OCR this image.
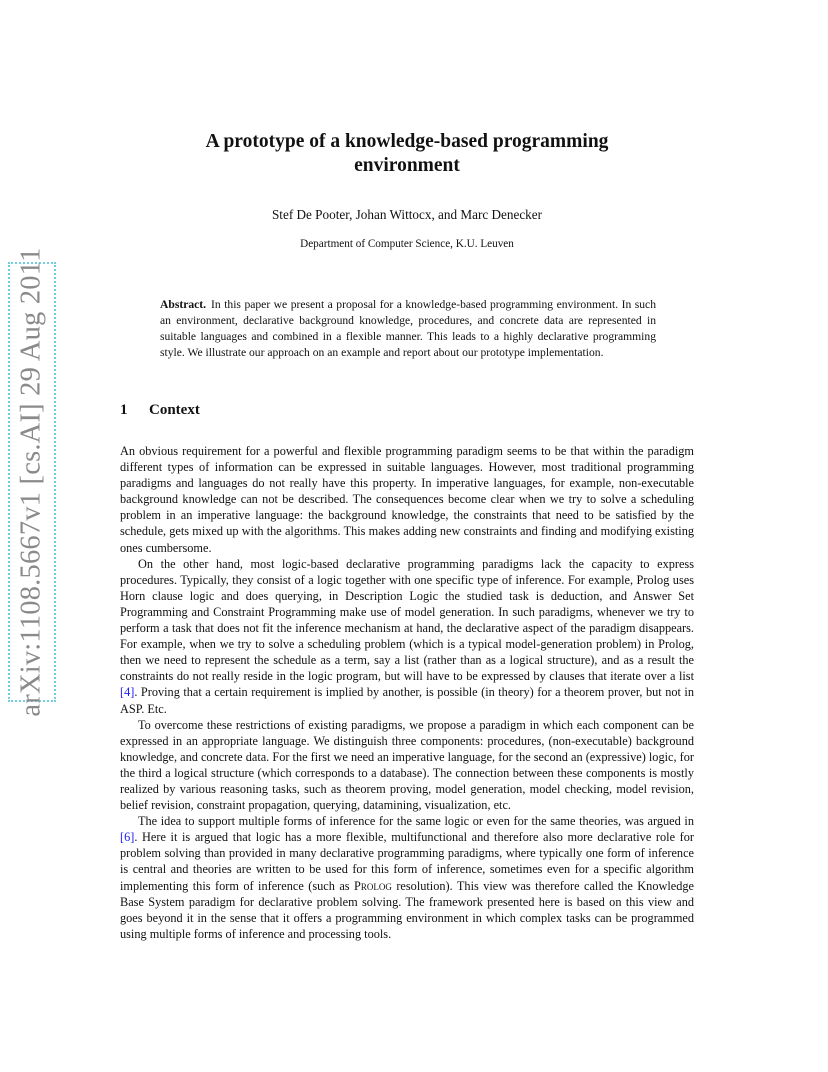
arXiv:1108.5667v1 [cs.AI] 29 Aug 2011
A prototype of a knowledge-based programming
environment
Stef De Pooter, Johan Wittocx, and Marc Denecker
Department of Computer Science, K.U. Leuven
Abstract. In this paper we present a proposal for a knowledge-based programming environment. In such an environment, declarative background knowledge, procedures, and concrete data are represented in suitable languages and combined in a flexible manner. This leads to a highly declarative programming style. We illustrate our approach on an example and report about our prototype implementation.
1 Context

An obvious requirement for a powerful and flexible programming paradigm seems to be that within the paradigm different types of information can be expressed in suitable languages. However, most traditional programming paradigms and languages do not really have this property. In imperative languages, for example, non-executable background knowledge can not be described. The consequences become clear when we try to solve a scheduling problem in an imperative language: the background knowledge, the constraints that need to be satisfied by the schedule, gets mixed up with the algorithms. This makes adding new constraints and finding and modifying existing ones cumbersome.

On the other hand, most logic-based declarative programming paradigms lack the capacity to express procedures. Typically, they consist of a logic together with one specific type of inference. For example, Prolog uses Horn clause logic and does querying, in Description Logic the studied task is deduction, and Answer Set Programming and Constraint Programming make use of model generation. In such paradigms, whenever we try to perform a task that does not fit the inference mechanism at hand, the declarative aspect of the paradigm disappears. For example, when we try to solve a scheduling problem (which is a typical model-generation problem) in Prolog, then we need to represent the schedule as a term, say a list (rather than as a logical structure), and as a result the constraints do not really reside in the logic program, but will have to be expressed by clauses that iterate over a list [4]. Proving that a certain requirement is implied by another, is possible (in theory) for a theorem prover, but not in ASP. Etc.

To overcome these restrictions of existing paradigms, we propose a paradigm in which each component can be expressed in an appropriate language. We distinguish three components: procedures, (non-executable) background knowledge, and concrete data. For the first we need an imperative language, for the second an (expressive) logic, for the third a logical structure (which corresponds to a database). The connection between these components is mostly realized by various reasoning tasks, such as theorem proving, model generation, model checking, model revision, belief revision, constraint propagation, querying, datamining, visualization, etc.

The idea to support multiple forms of inference for the same logic or even for the same theories, was argued in [6]. Here it is argued that logic has a more flexible, multifunctional and therefore also more declarative role for problem solving than provided in many declarative programming paradigms, where typically one form of inference is central and theories are written to be used for this form of inference, sometimes even for a specific algorithm implementing this form of inference (such as Prolog resolution). This view was therefore called the Knowledge Base System paradigm for declarative problem solving. The framework presented here is based on this view and goes beyond it in the sense that it offers a programming environment in which complex tasks can be programmed using multiple forms of inference and processing tools.
